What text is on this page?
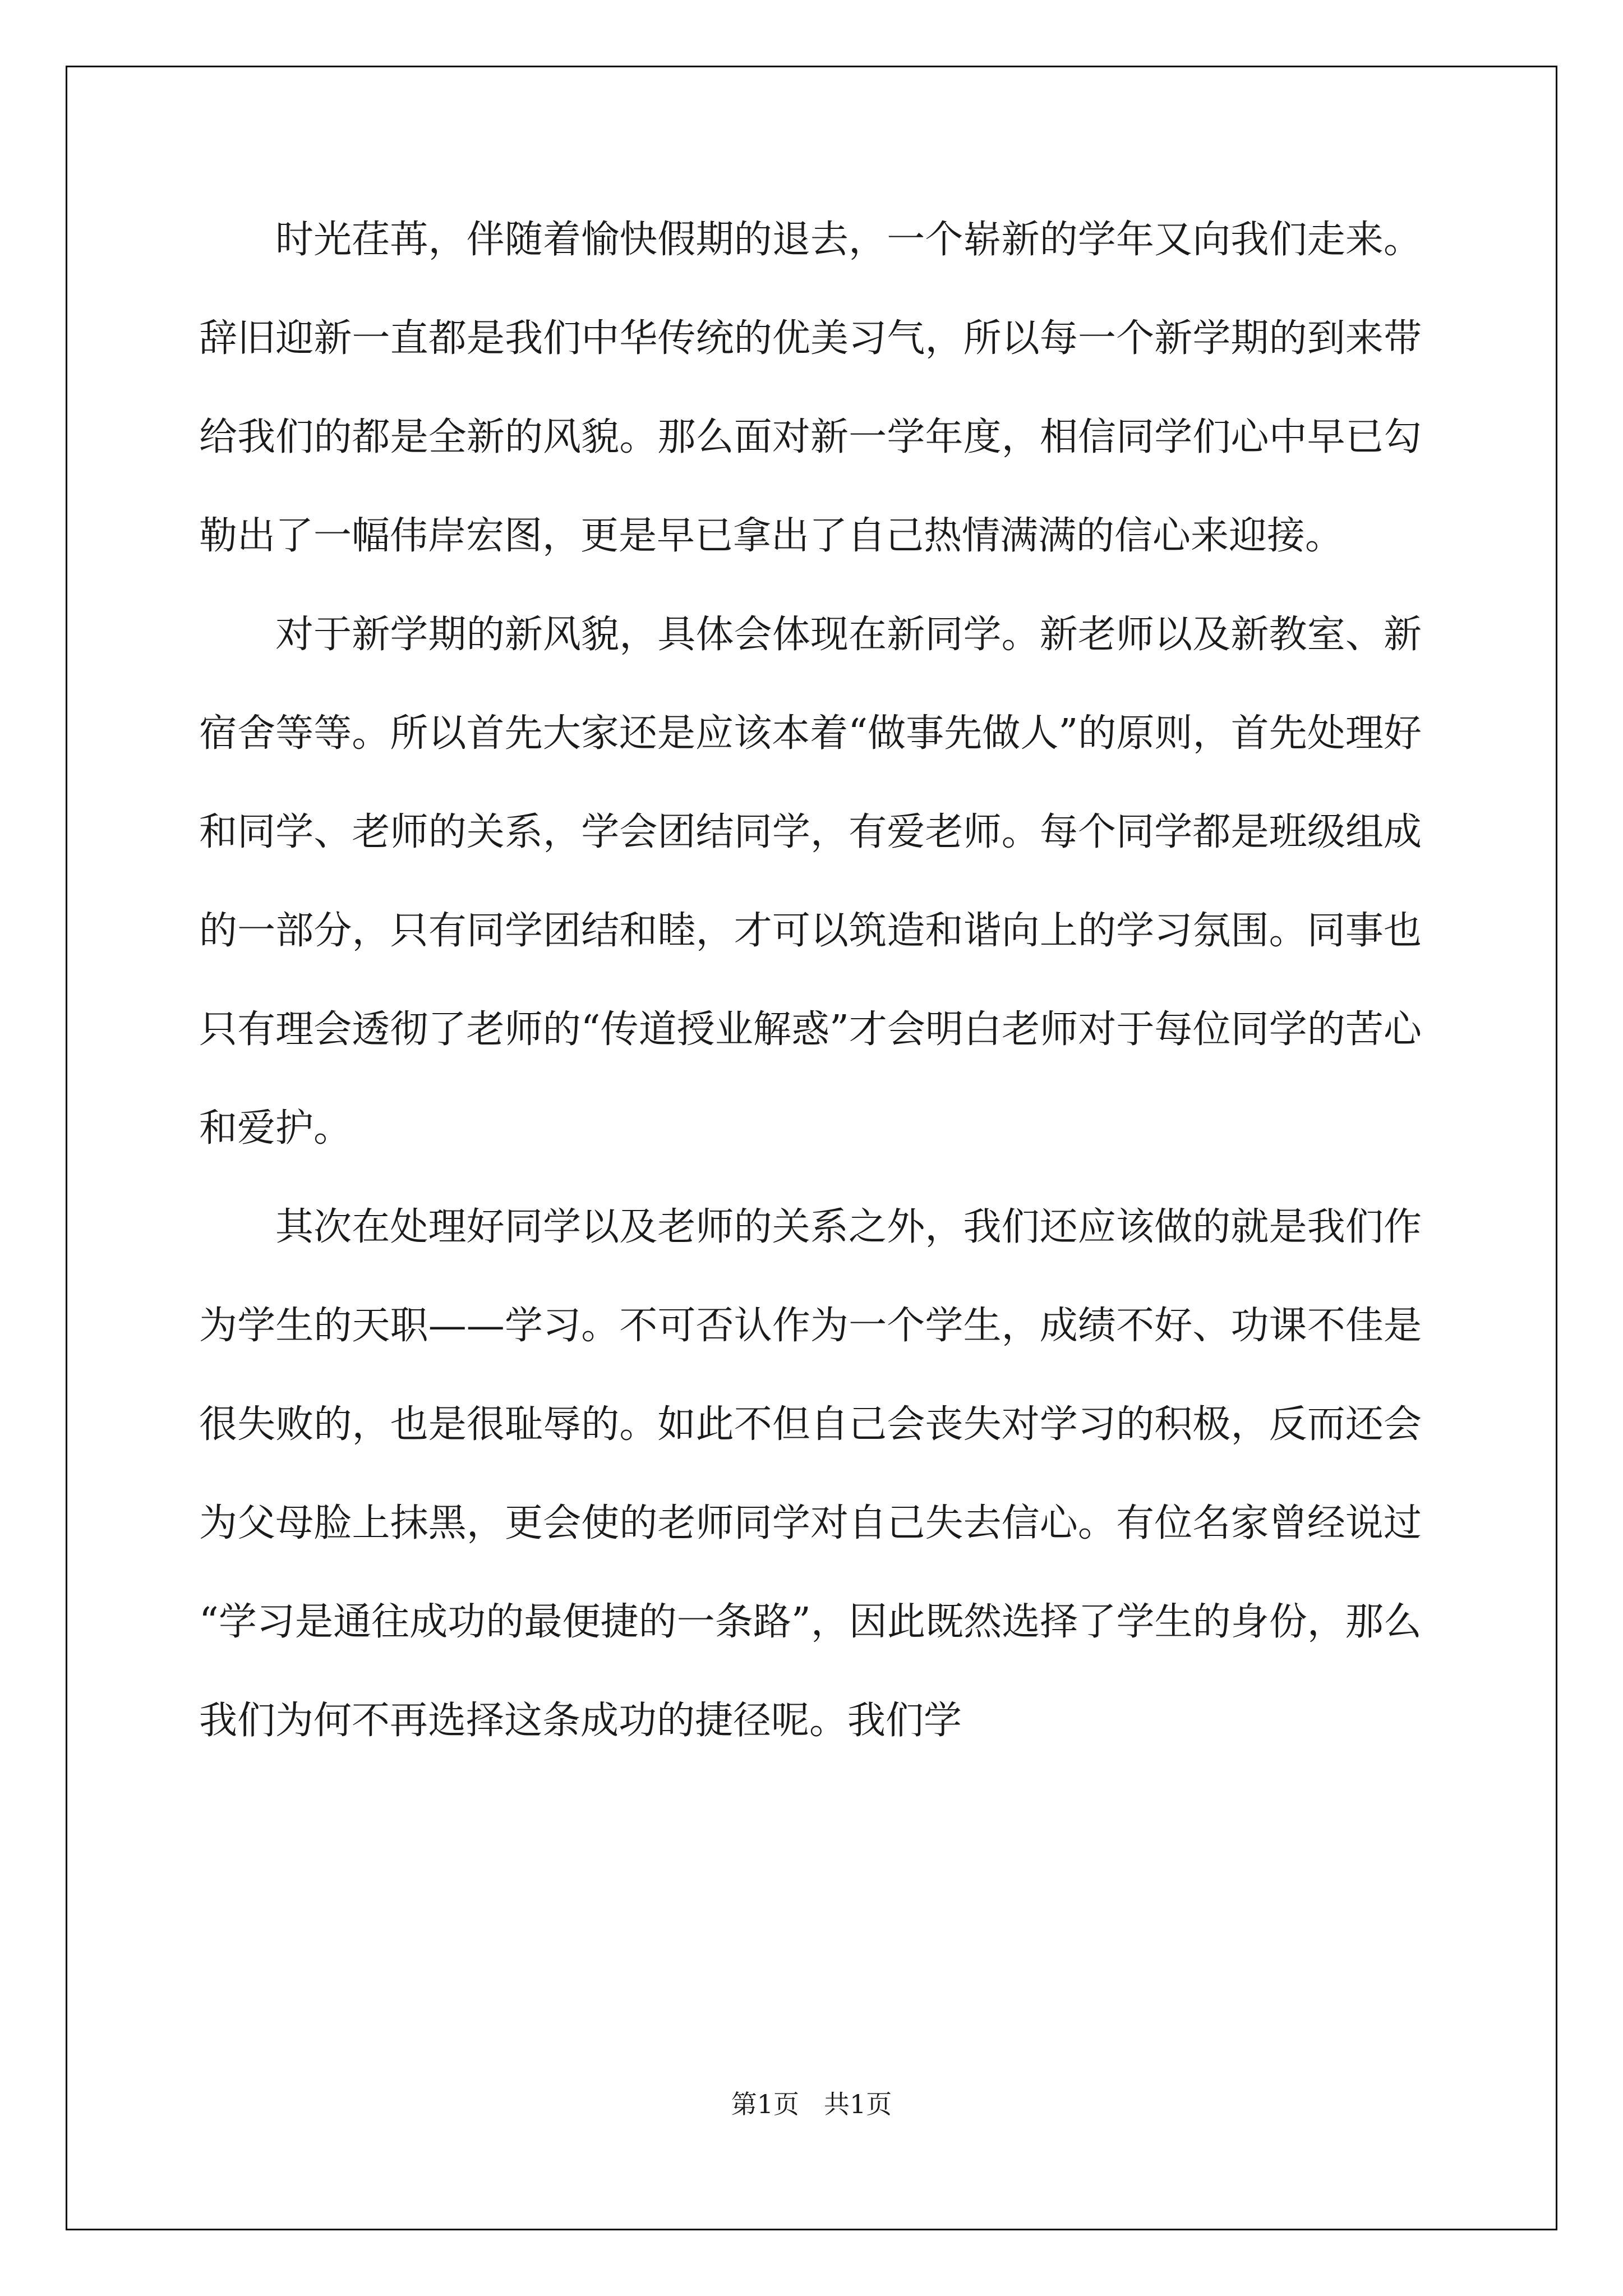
时光荏苒，伴随着愉快假期的退去，一个崭新的学年又向我们走来。辞旧迎新一直都是我们中华传统的优美习气，所以每一个新学期的到来带给我们的都是全新的风貌。那么面对新一学年度，相信同学们心中早已勾勒出了一幅伟岸宏图，更是早已拿出了自己热情满满的信心来迎接。

对于新学期的新风貌，具体会体现在新同学。新老师以及新教室、新宿舍等等。所以首先大家还是应该本着“做事先做人”的原则，首先处理好和同学、老师的关系，学会团结同学，有爱老师。每个同学都是班级组成的一部分，只有同学团结和睦，才可以筑造和谐向上的学习氛围。同事也只有理会透彻了老师的“传道授业解惑”才会明白老师对于每位同学的苦心和爱护。

其次在处理好同学以及老师的关系之外，我们还应该做的就是我们作为学生的天职——学习。不可否认作为一个学生，成绩不好、功课不佳是很失败的，也是很耻辱的。如此不但自己会丧失对学习的积极，反而还会为父母脸上抹黑，更会使的老师同学对自己失去信心。有位名家曾经说过“学习是通往成功的最便捷的一条路”，因此既然选择了学生的身份，那么我们为何不再选择这条成功的捷径呢。我们学

第1页 共1页
